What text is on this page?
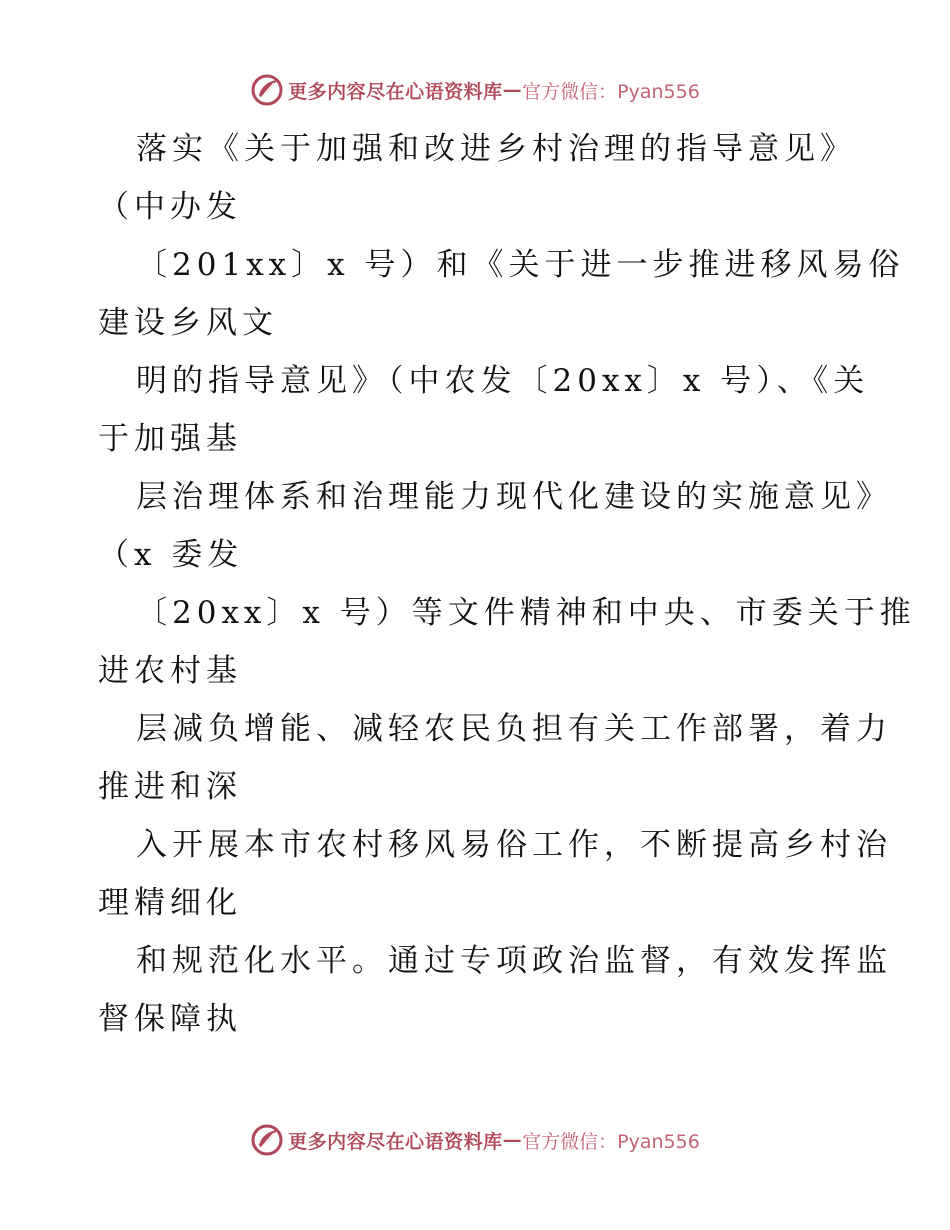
更多内容尽在心语资料库 — 官方微信：Pyan556
落实《关于加强和改进乡村治理的指导意见》
（中办发
〔201xx〕x 号）和《关于进一步推进移风易俗
建设乡风文
明的指导意见》（中农发〔20xx〕x 号）、《关
于加强基
层治理体系和治理能力现代化建设的实施意见》
（x 委发
〔20xx〕x 号）等文件精神和中央、市委关于推
进农村基
层减负增能、减轻农民负担有关工作部署，着力
推进和深
入开展本市农村移风易俗工作，不断提高乡村治
理精细化
和规范化水平。通过专项政治监督，有效发挥监
督保障执
更多内容尽在心语资料库 — 官方微信：Pyan556
